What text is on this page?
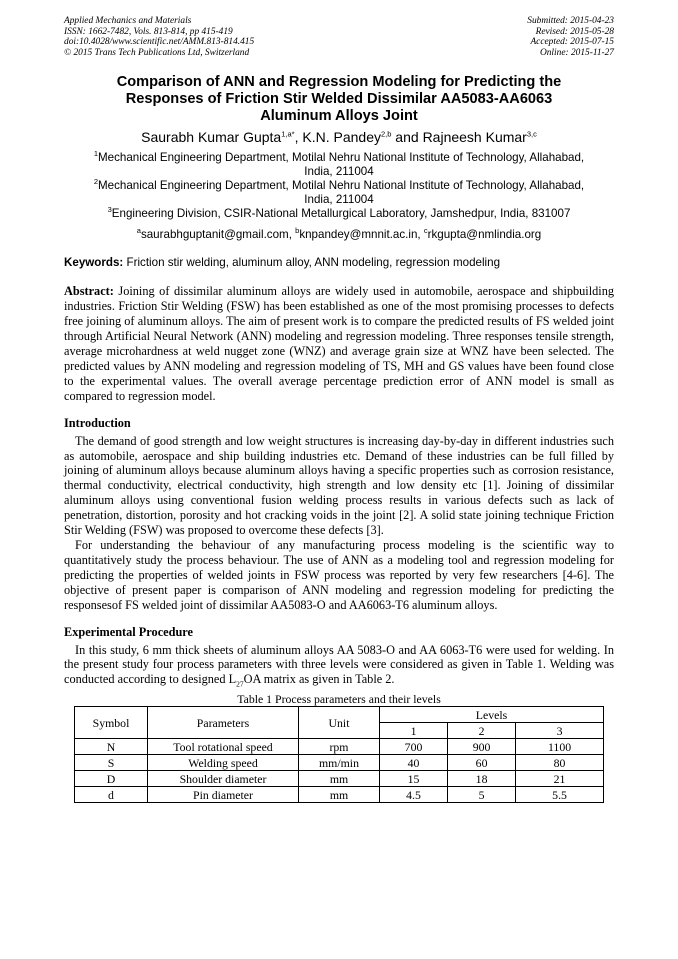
Applied Mechanics and Materials
ISSN: 1662-7482, Vols. 813-814, pp 415-419
doi:10.4028/www.scientific.net/AMM.813-814.415
© 2015 Trans Tech Publications Ltd, Switzerland
Submitted: 2015-04-23
Revised: 2015-05-28
Accepted: 2015-07-15
Online: 2015-11-27
Comparison of ANN and Regression Modeling for Predicting the
Responses of Friction Stir Welded Dissimilar AA5083-AA6063
Aluminum Alloys Joint
Saurabh Kumar Gupta$^{1,a*}$, K.N. Pandey$^{2,b}$ and Rajneesh Kumar$^{3,c}$
$^1$Mechanical Engineering Department, Motilal Nehru National Institute of Technology, Allahabad,
India, 211004
$^2$Mechanical Engineering Department, Motilal Nehru National Institute of Technology, Allahabad,
India, 211004
$^3$Engineering Division, CSIR-National Metallurgical Laboratory, Jamshedpur, India, 831007
$^a$saurabhguptanit@gmail.com, $^b$knpandey@mnnit.ac.in, $^c$rkgupta@nmlindia.org
Keywords: Friction stir welding, aluminum alloy, ANN modeling, regression modeling

Abstract: Joining of dissimilar aluminum alloys are widely used in automobile, aerospace and shipbuilding industries. Friction Stir Welding (FSW) has been established as one of the most promising processes to defects free joining of aluminum alloys. The aim of present work is to compare the predicted results of FS welded joint through Artificial Neural Network (ANN) modeling and regression modeling. Three responses tensile strength, average microhardness at weld nugget zone (WNZ) and average grain size at WNZ have been selected. The predicted values by ANN modeling and regression modeling of TS, MH and GS values have been found close to the experimental values. The overall average percentage prediction error of ANN model is small as compared to regression model.

Introduction

The demand of good strength and low weight structures is increasing day-by-day in different industries such as automobile, aerospace and ship building industries etc. Demand of these industries can be full filled by joining of aluminum alloys because aluminum alloys having a specific properties such as corrosion resistance, thermal conductivity, electrical conductivity, high strength and low density etc [1]. Joining of dissimilar aluminum alloys using conventional fusion welding process results in various defects such as lack of penetration, distortion, porosity and hot cracking voids in the joint [2]. A solid state joining technique Friction Stir Welding (FSW) was proposed to overcome these defects [3].

For understanding the behaviour of any manufacturing process modeling is the scientific way to quantitatively study the process behaviour. The use of ANN as a modeling tool and regression modeling for predicting the properties of welded joints in FSW process was reported by very few researchers [4-6]. The objective of present paper is comparison of ANN modeling and regression modeling for predicting the responsesof FS welded joint of dissimilar AA5083-O and AA6063-T6 aluminum alloys.

Experimental Procedure

In this study, 6 mm thick sheets of aluminum alloys AA 5083-O and AA 6063-T6 were used for welding. In the present study four process parameters with three levels were considered as given in Table 1. Welding was conducted according to designed $L_{27}OA$ matrix as given in Table 2.

Table 1 Process parameters and their levels
Symbol	Parameters	Unit	Levels		
			1	2	3
N	Tool rotational speed	rpm	700	900	1100
S	Welding speed	mm/min	40	60	80
D	Shoulder diameter	mm	15	18	21
d	Pin diameter	mm	4.5	5	5.5
